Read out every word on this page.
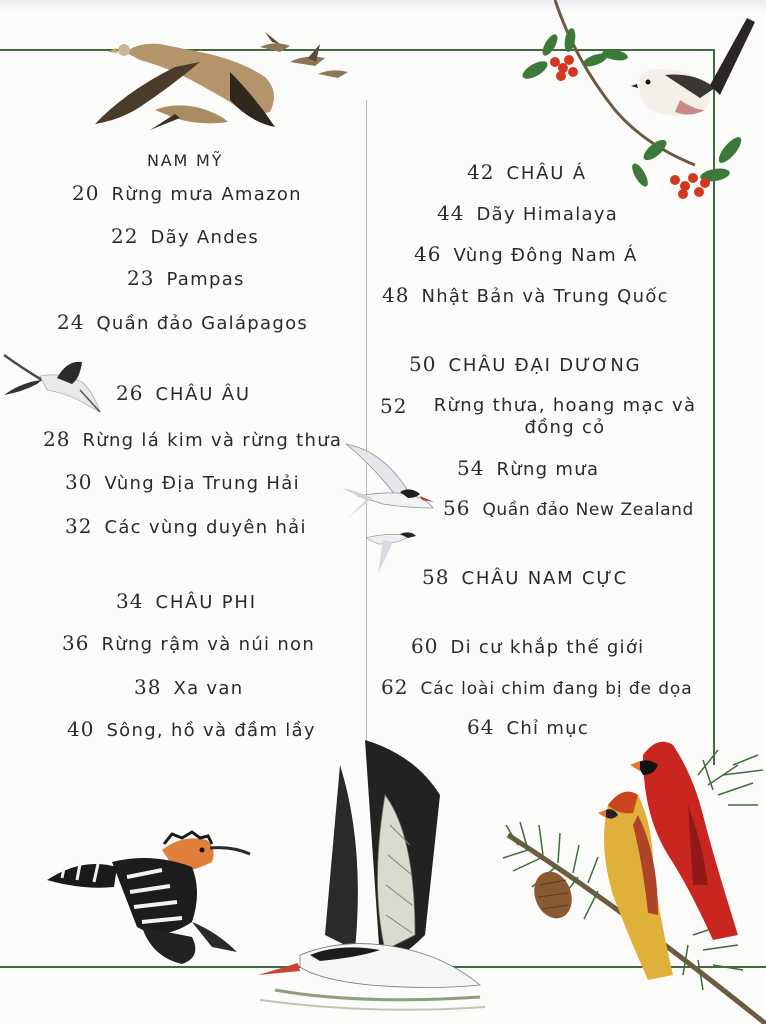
NAM MỸ
20 Rừng mưa Amazon
22 Dãy Andes
23 Pampas
24 Quần đảo Galápagos
26 CHÂU ÂU
28 Rừng lá kim và rừng thưa
30 Vùng Địa Trung Hải
32 Các vùng duyên hải
34 CHÂU PHI
36 Rừng rậm và núi non
38 Xa van
40 Sông, hồ và đầm lầy
42 CHÂU Á
44 Dãy Himalaya
46 Vùng Đông Nam Á
48 Nhật Bản và Trung Quốc
50 CHÂU ĐẠI DƯƠNG
52 Rừng thưa, hoang mạc và đồng cỏ
54 Rừng mưa
56 Quần đảo New Zealand
58 CHÂU NAM CỰC
60 Di cư khắp thế giới
62 Các loài chim đang bị đe dọa
64 Chỉ mục
